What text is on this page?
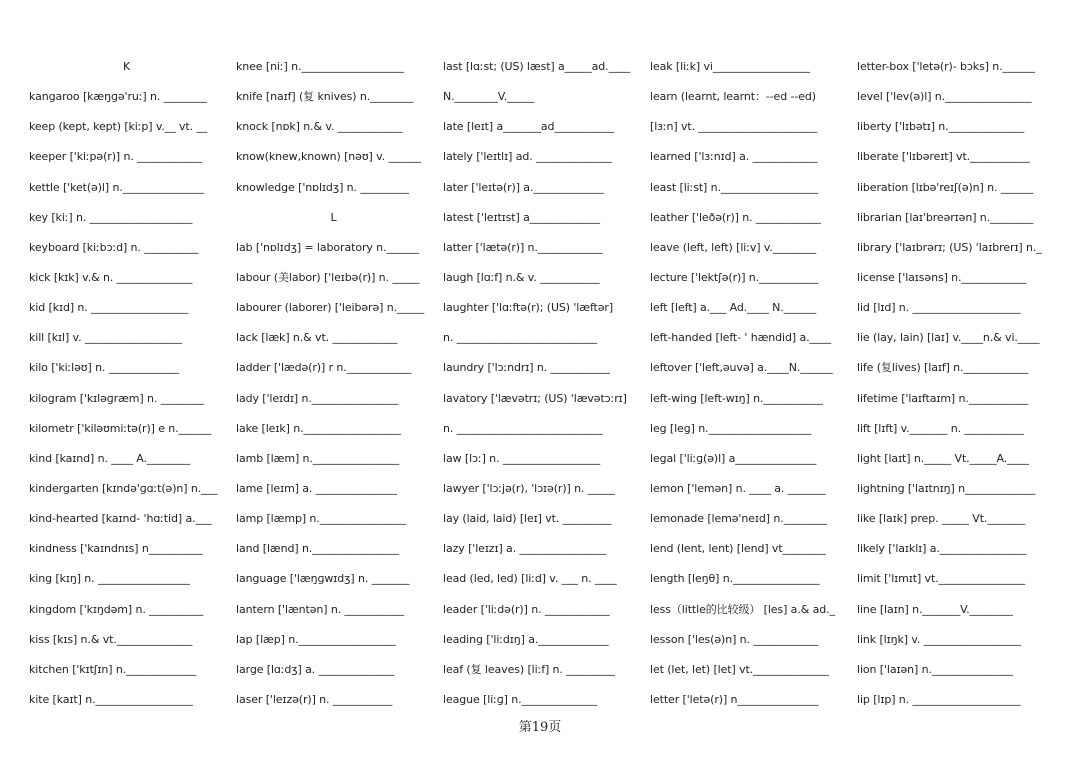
K
kangaroo [kæŋɡə'ruː] n. ________
keep (kept, kept) [kiːp] v.__ vt. __
keeper ['kiːpə(r)] n. ____________
kettle ['ket(ə)l] n._______________
key [kiː] n. ___________________
keyboard [kiːbɔːd] n. __________
kick [kɪk] v.& n. ______________
kid [kɪd] n. __________________
kill [kɪl] v. __________________
kilo ['kiːləʊ] n. _____________
kilogram ['kɪləɡræm] n. ________
kilometr ['kiləʊmiːtə(r)] e n.______
kind [kaɪnd] n. ____ A.________
kindergarten [kɪndə'ɡɑːt(ə)n] n.___
kind-hearted [kaɪnd- 'hɑːtid] a.___
kindness ['kaɪndnɪs] n__________
king [kɪŋ] n. _________________
kingdom ['kɪŋdəm] n. __________
kiss [kɪs] n.& vt.______________
kitchen ['kɪtʃɪn] n._____________
kite [kaɪt] n.__________________
knee [niː] n.___________________
knife [naɪf] (复 knives) n.________
knock [nɒk] n.& v. ____________
know(knew,known) [nəʊ] v. ______
knowledge ['nɒlɪdʒ] n. _________
L
lab ['nɒlɪdʒ] = laboratory n.______
labour (美labor) ['leɪbə(r)] n. _____
labourer (laborer) ['leibərə] n._____
lack [læk] n.& vt. ____________
ladder ['lædə(r)] r n.____________
lady ['leɪdɪ] n.________________
lake [leɪk] n.__________________
lamb [læm] n.________________
lame [leɪm] a. _______________
lamp [læmp] n.________________
land [lænd] n.________________
language ['læŋɡwɪdʒ] n. _______
lantern ['læntən] n. ___________
lap [læp] n.__________________
large [lɑːdʒ] a. ______________
laser ['leɪzə(r)] n. ___________
last [lɑːst; (US) læst] a_____ad.____
N.________V._____
late [leɪt] a_______ad___________
lately ['leɪtlɪ] ad. ______________
later ['leɪtə(r)] a._____________
latest ['leɪtɪst] a_____________
latter ['lætə(r)] n.____________
laugh [lɑːf] n.& v. ___________
laughter ['lɑːftə(r); (US) 'læftər]
n. __________________________
laundry ['lɔːndrɪ] n. ___________
lavatory ['lævətrɪ; (US) 'lævətɔːrɪ]
n. ___________________________
law [lɔː] n. __________________
lawyer ['lɔːjə(r), 'lɔɪə(r)] n. _____
lay (laid, laid) [leɪ] vt. _________
lazy ['leɪzɪ] a. ________________
lead (led, led) [liːd] v. ___ n. ____
leader ['liːdə(r)] n. ____________
leading ['liːdɪŋ] a._____________
leaf (复 leaves) [liːf] n. _________
league [liːɡ] n.______________
leak [liːk] vi__________________
learn (learnt, learnt：--ed --ed)
[lɜːn] vt. ______________________
learned ['lɜːnɪd] a. ____________
least [liːst] n.__________________
leather ['leðə(r)] n. ____________
leave (left, left) [liːv] v.________
lecture ['lektʃə(r)] n.___________
left [left] a.___ Ad.____ N.______
left-handed [left- ' hændid] a.____
leftover ['left,əuvə] a.____N.______
left-wing [left-wɪŋ] n.___________
leg [leg] n.___________________
legal ['liːɡ(ə)l] a_______________
lemon ['lemən] n. ____ a. _______
lemonade [lemə'neɪd] n.________
lend (lent, lent) [lend] vt________
length [leŋθ] n.________________
less（little的比较级） [les] a.& ad._
lesson ['les(ə)n] n. ____________
let (let, let) [let] vt.______________
letter ['letə(r)] n_______________
letter-box ['letə(r)- bɔks] n.______
level ['lev(ə)l] n.________________
liberty ['lɪbətɪ] n.______________
liberate ['lɪbəreɪt] vt.___________
liberation [lɪbə'reɪʃ(ə)n] n. ______
librarian [laɪ'breərɪən] n.________
library ['laɪbrərɪ; (US) 'laɪbrerɪ] n._
license ['laɪsəns] n.____________
lid [lɪd] n. ____________________
lie (lay, lain) [laɪ] v.____n.& vi.____
life (复lives) [laɪf] n.____________
lifetime ['laɪftaɪm] n.___________
lift [lɪft] v._______ n. ___________
light [laɪt] n._____ Vt._____A.____
lightning ['laɪtnɪŋ] n_____________
like [laɪk] prep. _____ Vt._______
likely ['laɪklɪ] a.________________
limit ['lɪmɪt] vt.________________
line [laɪn] n._______V.________
link [lɪŋk] v. __________________
lion ['laɪən] n._______________
lip [lɪp] n. ____________________
第19页
